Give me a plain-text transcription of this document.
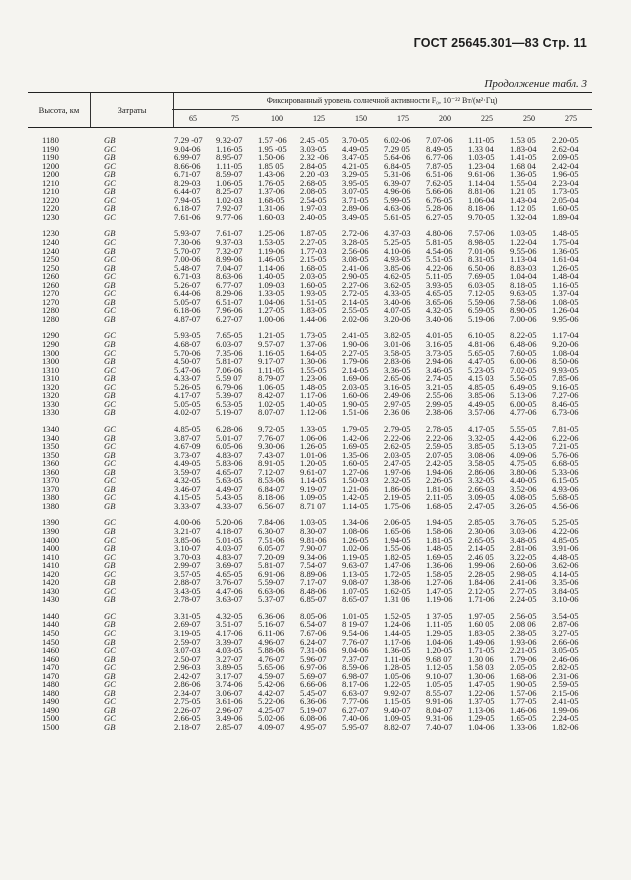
ГОСТ 25645.301—83 Стр. 11
Продолжение табл. 3
Высота, км	Затраты
Фиксированный уровень солнечной активности F₀, 10⁻²² Вт/(м²·Гц)
65	75	100	125	150	175	200	225	250	275
1180	GB	7.29 -07	9.32-07	1.57 -06	2.45 -05	3.70-05	6.02-06	7.07-06	1.11-05	1.53 05	2.20-05
1190	GC	9.04-06	1.16-05	1.95 -05	3.03-05	4.49-05	7.29 05	8.49-05	1.33 04	1.83-04	2.62-04
1190	GB	6.99-07	8.95-07	1.50-06	2.32 -06	3.47-05	5.64-06	6.77-06	1.03-05	1.41-05	2.09-05
1200	GC	8.66-06	1.11-05	1.85 05	2.84-05	4.21-05	6.84-05	7.87-05	1.23-04	1.68 04	2.42-04
1200	GB	6.71-07	8.59-07	1.43-06	2.20 -03	3.29-05	5.31-06	6.51-06	9.61-06	1.36-05	1.96-05
1210	GC	8.29-03	1.06-05	1.76-05	2.68-05	3.95-05	6.39-07	7.62-05	1.14-04	1.55-04	2.23-04
1210	GB	6.44-07	8.25-07	1.37-06	2.08-05	3.07-05	4.96-06	5.66-06	8.81-06	1.21 05	1.73-05
1220	GC	7.94-05	1.02-03	1.68-05	2.54-05	3.71-05	5.99-05	6.76-05	1.06-04	1.43-04	2.05-04
1220	GB	6.18-07	7.92-07	1.31-06	1.97-03	2.89-06	4.63-06	5.28-06	8.18-06	1.12 05	1.60-05
1230	GC	7.61-06	9.77-06	1.60-03	2.40-05	3.49-05	5.61-05	6.27-05	9.70-05	1.32-04	1.89-04
1230	GB	5.93-07	7.61-07	1.25-06	1.87-05	2.72-06	4.37-03	4.80-06	7.57-06	1.03-05	1.48-05
1240	GC	7.30-06	9.37-03	1.53-05	2.27-05	3.28-05	5.25-05	5.81-05	8.98-05	1.22-04	1.75-04
1240	GB	5.70-07	7.32-07	1.19-06	1.77-03	2.56-06	4.10-06	4.54-06	7.01-06	9.55-06	1.36-05
1250	GC	7.00-06	8.99-06	1.46-05	2.15-05	3.08-05	4.93-05	5.51-05	8.31-05	1.13-04	1.61-04
1250	GB	5.48-07	7.04-07	1.14-06	1.68-05	2.41-06	3.85-06	4.22-06	6.50-06	8.83-03	1.26-05
1260	GC	6.71-03	8.63-06	1.40-05	2.03-05	2.90-05	4.62-05	5.11-05	7.69-05	1.04-04	1.48-04
1260	GB	5.26-07	6.77-07	1.09-03	1.60-05	2.27-06	3.62-05	3.93-05	6.03-05	8.18-05	1.16-05
1270	GC	6.44-06	8.29-06	1.33-05	1.93-05	2.72-05	4.33-05	4.65-05	7.12-05	9.63-05	1.37-04
1270	GB	5.05-07	6.51-07	1.04-06	1.51-05	2.14-05	3.40-06	3.65-06	5.59-06	7.58-06	1.08-05
1280	GC	6.18-06	7.96-06	1.27-05	1.83-05	2.55-05	4.07-05	4.32-05	6.59-05	8.90-05	1.26-04
1280	GB	4.87-07	6.27-07	1.00-06	1.44-06	2.02-06	3.20-06	3.40-06	5.19-06	7.00-06	9.95-06
1290	GC	5.93-05	7.65-05	1.21-05	1.73-05	2.41-05	3.82-05	4.01-05	6.10-05	8.22-05	1.17-04
1290	GB	4.68-07	6.03-07	9.57-07	1.37-06	1.90-06	3.01-06	3.16-05	4.81-06	6.48-06	9.20-06
1300	GC	5.70-06	7.35-06	1.16-05	1.64-05	2.27-05	3.58-05	3.73-05	5.65-05	7.60-05	1.08-04
1300	GB	4.50-07	5.81-07	9.17-07	1.30-06	1.79-06	2.83-06	2.94-06	4.47-05	6.00-06	8.50-06
1310	GC	5.47-06	7.06-06	1.11-05	1.55-05	2.14-05	3.36-05	3.46-05	5.23-05	7.02-05	9.93-05
1310	GB	4.33-07	5.59 07	8.79-07	1.23-06	1.69-06	2.65-06	2.74-05	4.15 03	5.56-05	7.85-06
1320	GC	5.26-05	6.79-06	1.06-05	1.48-05	2.03-05	3.16-05	3.21-05	4.85-05	6.49-05	9.16-05
1320	GB	4.17-07	5.39-07	8.42-07	1.17-06	1.60-06	2.49-06	2.55-06	3.85-06	5.13-06	7.27-06
1330	GC	5.05-05	6.53-05	1.02-05	1.40-05	1.90-05	2.97-05	2.99-05	4.49-05	6.00-05	8.46-05
1330	GB	4.02-07	5.19-07	8.07-07	1.12-06	1.51-06	2.36 06	2.38-06	3.57-06	4.77-06	6.73-06
1340	GC	4.85-05	6.28-06	9.72-05	1.33-05	1.79-05	2.79-05	2.78-05	4.17-05	5.55-05	7.81-05
1340	GB	3.87-07	5.01-07	7.76-07	1.06-06	1.42-06	2.22-06	2.22-06	3.32-05	4.42-06	6.22-06
1350	GC	4.67-09	6.05-06	9.30-06	1.26-05	1.69-05	2.62-05	2.59-05	3.85-05	5.13-05	7.21-05
1350	GB	3.73-07	4.83-07	7.43-07	1.01-06	1.35-06	2.03-05	2.07-05	3.08-06	4.09-06	5.76-06
1360	GC	4.49-05	5.83-06	8.91-05	1.20-05	1.60-05	2.47-05	2.42-05	3.58-05	4.75-05	6.68-05
1360	GB	3.59-07	4.65-07	7.12-07	9.61-07	1.27-06	1.97-06	1.94-06	2.86-06	3.80-06	5.33-06
1370	GC	4.32-05	5.63-05	8.53-06	1.14-05	1.50-03	2.32-05	2.26-05	3.32-05	4.40-05	6.15-05
1370	GB	3.46-07	4.49-07	6.84-07	9.19-07	1.21-06	1.86-06	1.81-06	2.66-03	3.52-06	4.93-06
1380	GC	4.15-05	5.43-05	8.18-06	1.09-05	1.42-05	2.19-05	2.11-05	3.09-05	4.08-05	5.68-05
1380	GB	3.33-07	4.33-07	6.56-07	8.71 07	1.14-05	1.75-06	1.68-05	2.47-05	3.26-05	4.56-06
1390	GC	4.00-06	5.20-06	7.84-06	1.03-05	1.34-06	2.06-05	1.94-05	2.85-05	3.76-05	5.25-05
1390	GB	3.21-07	4.18-07	6.30-07	8.30-07	1.08-06	1.65-06	1.58-06	2.30-06	3.03-06	4.22-06
1400	GC	3.85-06	5.01-05	7.51-06	9.81-06	1.26-05	1.94-05	1.81-05	2.65-05	3.48-05	4.85-05
1400	GB	3.10-07	4.03-07	6.05-07	7.90-07	1.02-06	1.55-06	1.48-05	2.14-05	2.81-06	3.91-06
1410	GC	3.70-03	4.83-07	7.20-09	9.34-06	1.19-05	1.82-05	1.69-05	2.46 05	3.22-05	4.48-05
1410	GB	2.99-07	3.69-07	5.81-07	7.54-07	9.63-07	1.47-06	1.36-06	1.99-06	2.60-06	3.62-06
1420	GC	3.57-05	4.65-05	6.91-06	8.89-06	1.13-05	1.72-05	1.58-05	2.28-05	2.98-05	4.14-05
1420	GB	2.88-07	3.76-07	5.59-07	7.17-07	9.08-07	1.38-06	1.27-06	1.84-06	2.41-06	3.35-06
1430	GC	3.43-05	4.47-06	6.63-06	8.48-06	1.07-05	1.62-05	1.47-05	2.12-05	2.77-05	3.84-05
1430	GB	2.78-07	3.63-07	5.37-07	6.85-07	8.65-07	1.31 06	1.19-06	1.71-06	2.24-05	3.10-06
1440	GC	3.31-05	4.32-05	6.36-06	8.05-06	1.01-05	1.52-05	1 37-05	1.97-05	2.56-05	3.54-05
1440	GB	2.69-07	3.51-07	5.16-07	6.54-07	8 19-07	1.24-06	1.11-05	1.60 05	2.08 06	2.87-06
1450	GC	3.19-05	4.17-06	6.11-06	7.67-06	9.54-06	1.44-05	1.29-05	1.83-05	2.38-05	3.27-05
1450	GB	2.59-07	3.39-07	4.96-07	6.24-07	7.76-07	1.17-06	1.04-06	1.49-06	1.93-06	2.66-06
1460	GC	3.07-03	4.03-05	5.88-06	7.31-06	9.04-06	1.36-05	1.20-05	1.71-05	2.21-05	3.05-05
1460	GB	2.50-07	3.27-07	4.76-07	5.96-07	7.37-07	1.11-06	9.68 07	1.30 06	1.79-06	2.46-06
1470	GC	2.96-03	3.89-05	5.65-06	6.97-06	8.59-06	1.28-05	1.12-05	1.58 03	2.05-05	2.82-05
1470	GB	2.42-07	3.17-07	4.59-07	5.69-07	6.98-07	1.05-06	9.10-07	1.30-06	1.68-06	2.31-06
1480	GC	2.86-06	3.74-06	5.42-06	6.66-06	8.17-06	1.22-05	1.05-05	1.47-05	1.90-05	2.59-05
1480	GB	2.34-07	3.06-07	4.42-07	5.45-07	6.63-07	9.92-07	8.55-07	1.22-06	1.57-06	2.15-06
1490	GC	2.75-05	3.61-06	5.22-06	6.36-06	7.77-06	1.15-05	9.91-06	1.37-05	1.77-05	2.41-05
1490	GB	2.26-07	2.96-07	4.25-07	5.19-07	6.27-07	9.40-07	8.04-07	1.13-06	1.46-06	1.99-06
1500	GC	2.66-05	3.49-06	5.02-06	6.08-06	7.40-06	1.09-05	9.31-06	1.29-05	1.65-05	2.24-05
1500	GB	2.18-07	2.85-07	4.09-07	4.95-07	5.95-07	8.82-07	7.40-07	1.04-06	1.33-06	1.82-06
